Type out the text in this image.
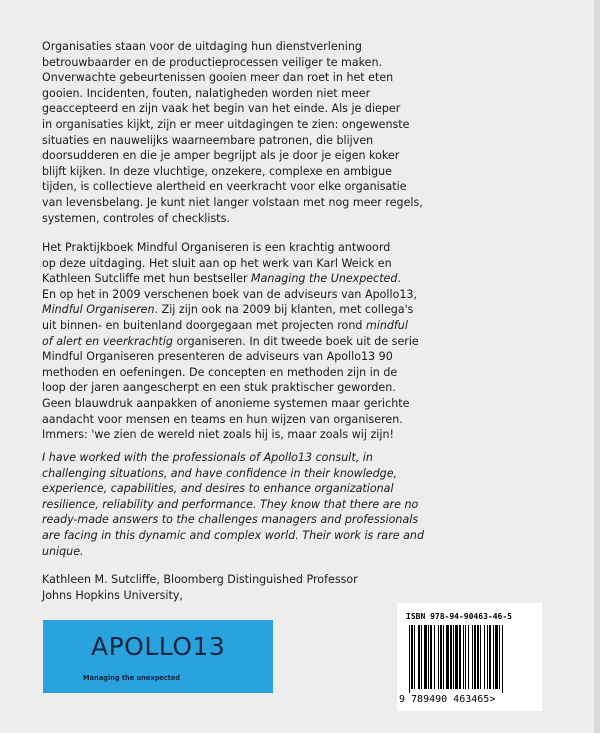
Organisaties staan voor de uitdaging hun dienstverlening
betrouwbaarder en de productieprocessen veiliger te maken.
Onverwachte gebeurtenissen gooien meer dan roet in het eten
gooien. Incidenten, fouten, nalatigheden worden niet meer
geaccepteerd en zijn vaak het begin van het einde. Als je dieper
in organisaties kijkt, zijn er meer uitdagingen te zien: ongewenste
situaties en nauwelijks waarneembare patronen, die blijven
doorsudderen en die je amper begrijpt als je door je eigen koker
blijft kijken. In deze vluchtige, onzekere, complexe en ambigue
tijden, is collectieve alertheid en veerkracht voor elke organisatie
van levensbelang. Je kunt niet langer volstaan met nog meer regels,
systemen, controles of checklists.
Het Praktijkboek Mindful Organiseren is een krachtig antwoord
op deze uitdaging. Het sluit aan op het werk van Karl Weick en
Kathleen Sutcliffe met hun bestseller Managing the Unexpected.
En op het in 2009 verschenen boek van de adviseurs van Apollo13,
Mindful Organiseren. Zij zijn ook na 2009 bij klanten, met collega's
uit binnen- en buitenland doorgegaan met projecten rond mindful
of alert en veerkrachtig organiseren. In dit tweede boek uit de serie
Mindful Organiseren presenteren de adviseurs van Apollo13 90
methoden en oefeningen. De concepten en methoden zijn in de
loop der jaren aangescherpt en een stuk praktischer geworden.
Geen blauwdruk aanpakken of anonieme systemen maar gerichte
aandacht voor mensen en teams en hun wijzen van organiseren.
Immers: 'we zien de wereld niet zoals hij is, maar zoals wij zijn!
I have worked with the professionals of Apollo13 consult, in
challenging situations, and have confidence in their knowledge,
experience, capabilities, and desires to enhance organizational
resilience, reliability and performance. They know that there are no
ready-made answers to the challenges managers and professionals
are facing in this dynamic and complex world. Their work is rare and
unique.
Kathleen M. Sutcliffe, Bloomberg Distinguished Professor
Johns Hopkins University,
APOLLO13
Managing the unexpected
ISBN 978-94-90463-46-5
9 789490 463465>
